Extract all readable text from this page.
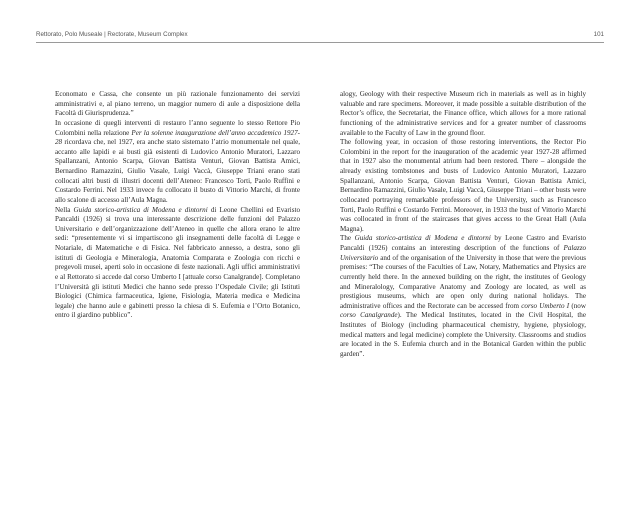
Rettorato, Polo Museale | Rectorate, Museum Complex	101

Economato e Cassa, che consente un più razionale funzionamento dei servizi amministrativi e, al piano terreno, un maggior numero di aule a disposizione della Facoltà di Giurisprudenza.”

In occasione di quegli interventi di restauro l’anno seguente lo stesso Rettore Pio Colombini nella relazione Per la solenne inaugurazione dell’anno accademico 1927-28 ricordava che, nel 1927, era anche stato sistemato l’atrio monumentale nel quale, accanto alle lapidi e ai busti già esistenti di Ludovico Antonio Muratori, Lazzaro Spallanzani, Antonio Scarpa, Giovan Battista Venturi, Giovan Battista Amici, Bernardino Ramazzini, Giulio Vasale, Luigi Vaccà, Giuseppe Triani erano stati collocati altri busti di illustri docenti dell’Ateneo: Francesco Torti, Paolo Ruffini e Costardo Ferrini. Nel 1933 invece fu collocato il busto di Vittorio Marchi, di fronte allo scalone di accesso all’Aula Magna.

Nella Guida storico-artistica di Modena e dintorni di Leone Chellini ed Evaristo Pancaldi (1926) si trova una interessante descrizione delle funzioni del Palazzo Universitario e dell’organizzazione dell’Ateneo in quelle che allora erano le altre sedi: “presentemente vi si impartiscono gli insegnamenti delle facoltà di Legge e Notariale, di Matematiche e di Fisica. Nel fabbricato annesso, a destra, sono gli istituti di Geologia e Mineralogia, Anatomia Comparata e Zoologia con ricchi e pregevoli musei, aperti solo in occasione di feste nazionali. Agli uffici amministrativi e al Rettorato si accede dal corso Umberto I [attuale corso Canalgrande]. Completano l’Università gli istituti Medici che hanno sede presso l’Ospedale Civile; gli Istituti Biologici (Chimica farmaceutica, Igiene, Fisiologia, Materia medica e Medicina legale) che hanno aule e gabinetti presso la chiesa di S. Eufemia e l’Orto Botanico, entro il giardino pubblico”.

alogy, Geology with their respective Museum rich in materials as well as in highly valuable and rare specimens. Moreover, it made possible a suitable distribution of the Rector’s office, the Secretariat, the Finance office, which allows for a more rational functioning of the administrative services and for a greater number of classrooms available to the Faculty of Law in the ground floor.

The following year, in occasion of those restoring interventions, the Rector Pio Colombini in the report for the inauguration of the academic year 1927-28 affirmed that in 1927 also the monumental atrium had been restored. There – alongside the already existing tombstones and busts of Ludovico Antonio Muratori, Lazzaro Spallanzani, Antonio Scarpa, Giovan Battista Venturi, Giovan Battista Amici, Bernardino Ramazzini, Giulio Vasale, Luigi Vaccà, Giuseppe Triani – other busts were collocated portraying remarkable professors of the University, such as Francesco Torti, Paolo Ruffini e Costardo Ferrini. Moreover, in 1933 the bust of Vittorio Marchi was collocated in front of the staircases that gives access to the Great Hall (Aula Magna).

The Guida storico-artistica di Modena e dintorni by Leone Castro and Evaristo Pancaldi (1926) contains an interesting description of the functions of Palazzo Universitario and of the organisation of the University in those that were the previous premises: “The courses of the Faculties of Law, Notary, Mathematics and Physics are currently held there. In the annexed building on the right, the institutes of Geology and Mineralology, Comparative Anatomy and Zoology are located, as well as prestigious museums, which are open only during national holidays. The administrative offices and the Rectorate can be accessed from corso Umberto I (now corso Canalgrande). The Medical Institutes, located in the Civil Hospital, the Institutes of Biology (including pharmaceutical chemistry, hygiene, physiology, medical matters and legal medicine) complete the University. Classrooms and studios are located in the S. Eufemia church and in the Botanical Garden within the public garden”.
